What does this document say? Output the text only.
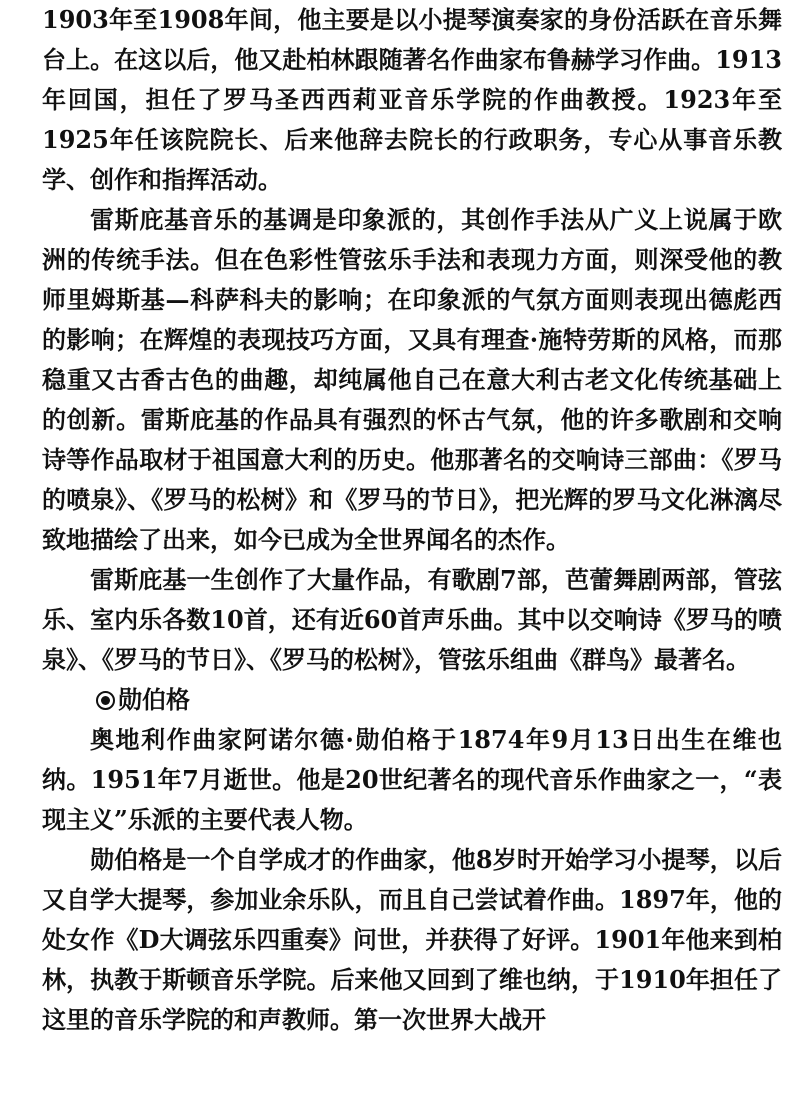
1903年至1908年间，他主要是以小提琴演奏家的身份活跃在音乐舞台上。在这以后，他又赴柏林跟随著名作曲家布鲁赫学习作曲。1913年回国，担任了罗马圣西西莉亚音乐学院的作曲教授。1923年至1925年任该院院长、后来他辞去院长的行政职务，专心从事音乐教学、创作和指挥活动。

雷斯庇基音乐的基调是印象派的，其创作手法从广义上说属于欧洲的传统手法。但在色彩性管弦乐手法和表现力方面，则深受他的教师里姆斯基—科萨科夫的影响；在印象派的气氛方面则表现出德彪西的影响；在辉煌的表现技巧方面，又具有理查·施特劳斯的风格，而那稳重又古香古色的曲趣，却纯属他自己在意大利古老文化传统基础上的创新。雷斯庇基的作品具有强烈的怀古气氛，他的许多歌剧和交响诗等作品取材于祖国意大利的历史。他那著名的交响诗三部曲：《罗马的喷泉》、《罗马的松树》和《罗马的节日》，把光辉的罗马文化淋漓尽致地描绘了出来，如今已成为全世界闻名的杰作。

雷斯庇基一生创作了大量作品，有歌剧7部，芭蕾舞剧两部，管弦乐、室内乐各数10首，还有近60首声乐曲。其中以交响诗《罗马的喷泉》、《罗马的节日》、《罗马的松树》，管弦乐组曲《群鸟》最著名。

勋伯格

奥地利作曲家阿诺尔德·勋伯格于1874年9月13日出生在维也纳。1951年7月逝世。他是20世纪著名的现代音乐作曲家之一，“表现主义”乐派的主要代表人物。

勋伯格是一个自学成才的作曲家，他8岁时开始学习小提琴，以后又自学大提琴，参加业余乐队，而且自己尝试着作曲。1897年，他的处女作《D大调弦乐四重奏》问世，并获得了好评。1901年他来到柏林，执教于斯顿音乐学院。后来他又回到了维也纳，于1910年担任了这里的音乐学院的和声教师。第一次世界大战开
